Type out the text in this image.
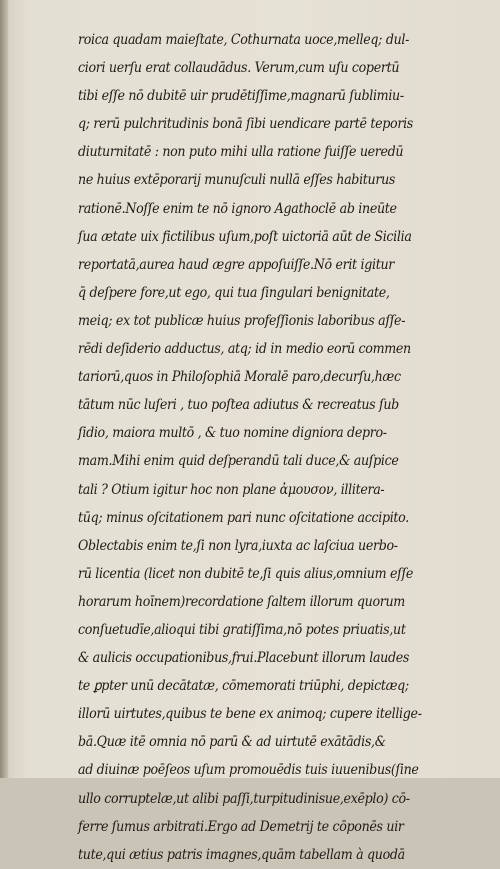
roica quadam maieſtate, Cothurnata uoce,melleq; dul-
ciori uerſu erat collaudādus. Verum,cum uſu copertū
tibi eſſe nō dubitē uir prudētiſſime,magnarū ſublimiu-
q; rerū pulchritudinis bonā ſibi uendicare partē teporis
diuturnitatē : non puto mihi ulla ratione fuiſſe ueredū
ne huius extēporarij munuſculi nullā eſſes habiturus
rationē.Noſſe enim te nō ignoro Agathoclē ab ineūte
ſua ætate uix fictilibus uſum,poſt uictoriā aūt de Sicilia
reportatā,aurea haud ægre appoſuiſſe.Nō erit igitur
q̄ deſpere fore,ut ego, qui tua ſingulari benignitate,
meiq; ex tot publicæ huius profeſſionis laboribus aſſe-
rēdi deſiderio adductus, atq; id in medio eorū commen
tariorū,quos in Philoſophiā Moralē paro,decurſu,hæc
tātum nūc luſeri , tuo poſtea adiutus & recreatus ſub
ſidio, maiora multō , & tuo nomine digniora depro-
mam.Mihi enim quid deſperandū tali duce,& auſpice
tali ? Otium igitur hoc non plane ἀμουσον, illitera-
tūq; minus oſcitationem pari nunc oſcitatione accipito.
Oblectabis enim te,ſi non lyra,iuxta ac laſciua uerbo-
rū licentia (licet non dubitē te,ſi quis alius,omnium eſſe
horarum hoīnem)recordatione ſaltem illorum quorum
conſuetudīe,alioqui tibi gratiſſima,nō potes priuatis,ut
& aulicis occupationibus,frui.Placebunt illorum laudes
te ꝑpter unū decātatæ, cōmemorati triūphi, depictæq;
illorū uirtutes,quibus te bene ex animoq; cupere itellige-
bā.Quæ itē omnia nō parū & ad uirtutē exātādis,&
ad diuinæ poēſeos uſum promouēdis tuis iuuenibus(ſine
ullo corruptelæ,ut alibi paſſi,turpitudinisue,exēplo) cō-
ferre ſumus arbitrati.Ergo ad Demetrij te cōponēs uir
tute,qui ætius patris imagnes,quām tabellam à quodā
